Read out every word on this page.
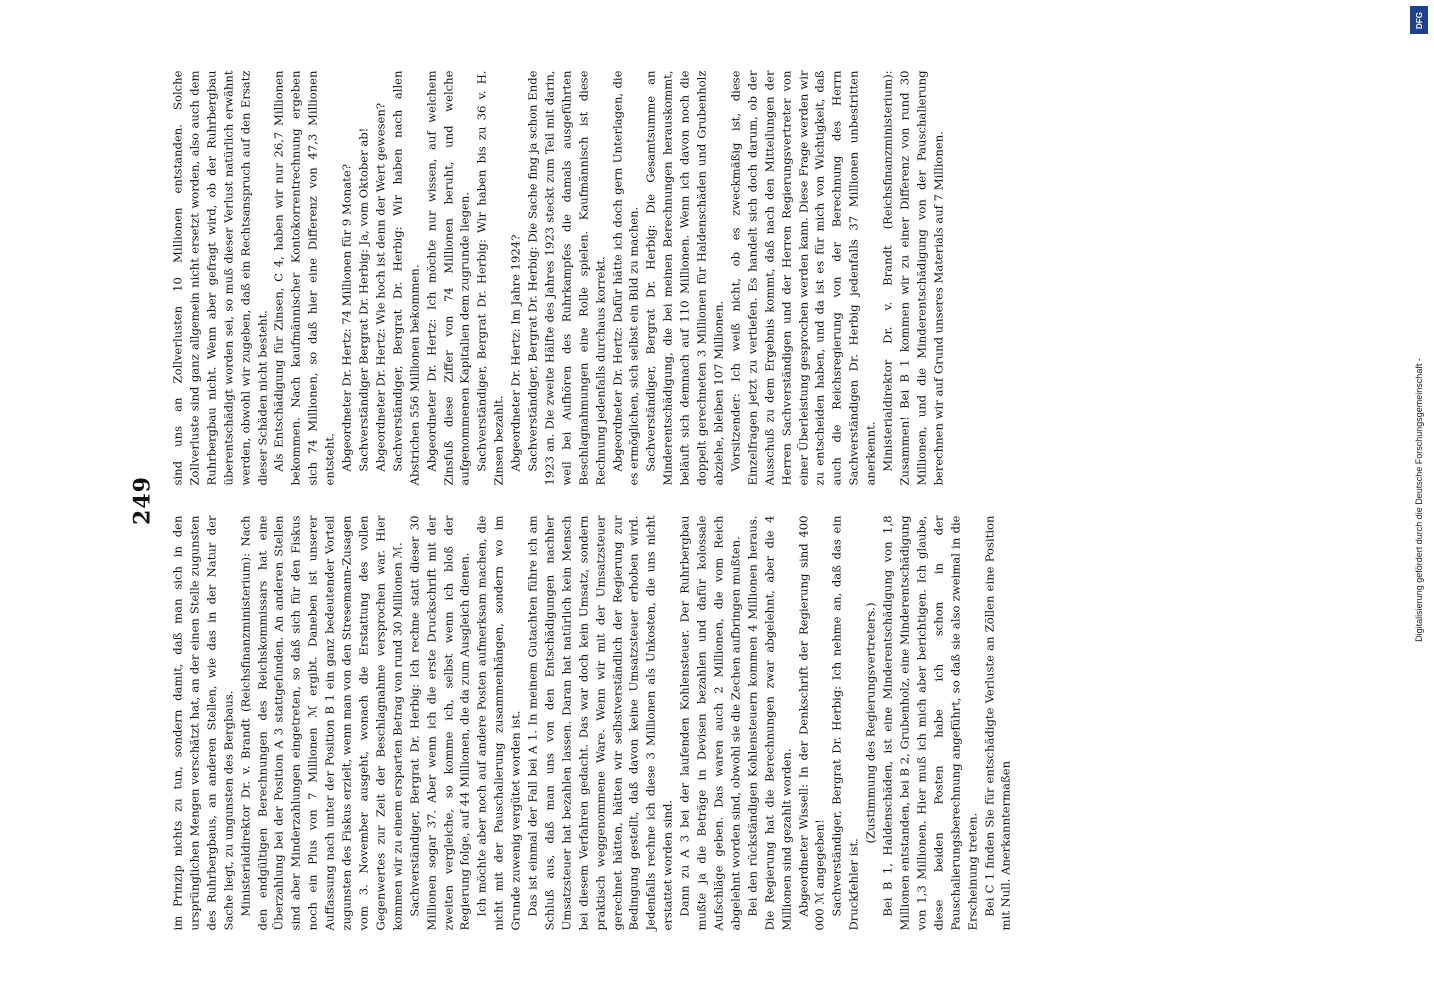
249

im Prinzip nichts zu tun, sondern damit, daß man sich in den ursprünglichen Mengen verschätzt hat, an der einen Stelle zugunsten des Ruhrbergbaus, an anderen Stellen, wie das in der Natur der Sache liegt, zu ungunsten des Bergbaus. Ministerialdirektor Dr. v. Brandt (Reichsfinanzministerium): Nach den endgültigen Berechnungen des Reichskommissars hat eine Überzahlung bei der Position A 3 stattgefunden. An anderen Stellen sind aber Minderzahlungen eingetreten, so daß sich für den Fiskus noch ein Plus von 7 Millionen ℳ ergibt. Daneben ist unserer Auffassung nach unter der Position B 1 ein ganz bedeutender Vorteil zugunsten des Fiskus erzielt, wenn man von den Stresemann-Zusagen vom 3. November ausgeht, wonach die Erstattung des vollen Gegenwertes zur Zeit der Beschlagnahme versprochen war. Hier kommen wir zu einem ersparten Betrag von rund 30 Millionen ℳ. Sachverständiger, Bergrat Dr. Herbig: Ich rechne statt dieser 30 Millionen sogar 37. Aber wenn ich die erste Druckschrift mit der zweiten vergleiche, so komme ich, selbst wenn ich bloß der Regierung folge, auf 44 Millionen, die da zum Ausgleich dienen. Ich möchte aber noch auf andere Posten aufmerksam machen, die nicht mit der Pauschalierung zusammenhängen, sondern wo im Grunde zuwenig vergütet worden ist. Das ist einmal der Fall bei A 1. In meinem Gutachten führe ich am Schluß aus, daß man uns von den Entschädigungen nachher Umsatzsteuer hat bezahlen lassen. Daran hat natürlich kein Mensch bei diesem Verfahren gedacht. Das war doch kein Umsatz, sondern praktisch weggenommene Ware. Wenn wir mit der Umsatzsteuer gerechnet hätten, hätten wir selbstverständlich der Regierung zur Bedingung gestellt, daß davon keine Umsatzsteuer erhoben wird. Jedenfalls rechne ich diese 3 Millionen als Unkosten, die uns nicht erstattet worden sind. Dann zu A 3 bei der laufenden Kohlensteuer. Der Ruhrbergbau mußte ja die Beträge in Devisen bezahlen und dafür kolossale Aufschläge geben. Das waren auch 2 Millionen, die vom Reich abgelehnt worden sind, obwohl sie die Zechen aufbringen mußten. Bei den rückständigen Kohlensteuern kommen 4 Millionen heraus. Die Regierung hat die Berechnungen zwar abgelehnt, aber die 4 Millionen sind gezahlt worden. Abgeordneter Wissell: In der Denkschrift der Regierung sind 400 000 ℳ angegeben! Sachverständiger, Bergrat Dr. Herbig: Ich nehme an, daß das ein Druckfehler ist.

(Zustimmung des Regierungsvertreters.) Bei B 1, Haldenschäden, ist eine Minderentschädigung von 1,8 Millionen entstanden, bei B 2, Grubenholz, eine Minderentschädigung von 1,3 Millionen. Hier muß ich mich aber berichtigen. Ich glaube, diese beiden Posten habe ich schon in der Pauschalierungsberechnung angeführt, so daß sie also zweimal in die Erscheinung treten. Bei C 1 finden Sie für entschädigte Verluste an Zöllen eine Position mit Null. Anerkanntermaßen

sind uns an Zollverlusten 10 Millionen entstanden. Solche Zollverluste sind ganz allgemein nicht ersetzt worden, also auch dem Ruhrbergbau nicht. Wenn aber gefragt wird, ob der Ruhrbergbau überentschädigt worden sei, so muß dieser Verlust natürlich erwähnt werden, obwohl wir zugeben, daß ein Rechtsanspruch auf den Ersatz dieser Schäden nicht besteht. Als Entschädigung für Zinsen, C 4, haben wir nur 26,7 Millionen bekommen. Nach kaufmännischer Kontokorrentrechnung ergeben sich 74 Millionen, so daß hier eine Differenz von 47,3 Millionen entsteht. Abgeordneter Dr. Hertz: 74 Millionen für 9 Monate? Sachverständiger Bergrat Dr. Herbig: Ja, vom Oktober ab! Abgeordneter Dr. Hertz: Wie hoch ist denn der Wert gewesen? Sachverständiger, Bergrat Dr. Herbig: Wir haben nach allen Abstrichen 556 Millionen bekommen. Abgeordneter Dr. Hertz: Ich möchte nur wissen, auf welchem Zinsfuß diese Ziffer von 74 Millionen beruht, und welche aufgenommenen Kapitalien dem zugrunde liegen. Sachverständiger, Bergrat Dr. Herbig: Wir haben bis zu 36 v. H. Zinsen bezahlt. Abgeordneter Dr. Hertz: Im Jahre 1924? Sachverständiger, Bergrat Dr. Herbig: Die Sache fing ja schon Ende 1923 an. Die zweite Hälfte des Jahres 1923 steckt zum Teil mit darin, weil bei Aufhören des Ruhrkampfes die damals ausgeführten Beschlagnahmungen eine Rolle spielen. Kaufmännisch ist diese Rechnung jedenfalls durchaus korrekt. Abgeordneter Dr. Hertz: Dafür hätte ich doch gern Unterlagen, die es ermöglichen, sich selbst ein Bild zu machen. Sachverständiger, Bergrat Dr. Herbig: Die Gesamtsumme an Minderentschädigung, die bei meinen Berechnungen herauskommt, beläuft sich demnach auf 110 Millionen. Wenn ich davon noch die doppelt gerechneten 3 Millionen für Haldenschäden und Grubenholz abziehe, bleiben 107 Millionen. Vorsitzender: Ich weiß nicht, ob es zweckmäßig ist, diese Einzelfragen jetzt zu vertiefen. Es handelt sich doch darum, ob der Ausschuß zu dem Ergebnis kommt, daß nach den Mitteilungen der Herren Sachverständigen und der Herren Regierungsvertreter von einer Überleistung gesprochen werden kann. Diese Frage werden wir zu entscheiden haben, und da ist es für mich von Wichtigkeit, daß auch die Reichsregierung von der Berechnung des Herrn Sachverständigen Dr. Herbig jedenfalls 37 Millionen unbestritten anerkennt. Ministerialdirektor Dr. v. Brandt (Reichsfinanzministerium): Zusammen! Bei B 1 kommen wir zu einer Differenz von rund 30 Millionen, und die Minderentschädigung von der Pauschalierung berechnen wir auf Grund unseres Materials auf 7 Millionen.

DFG
Digitalisierung gefördert durch die Deutsche Forschungsgemeinschaft -
